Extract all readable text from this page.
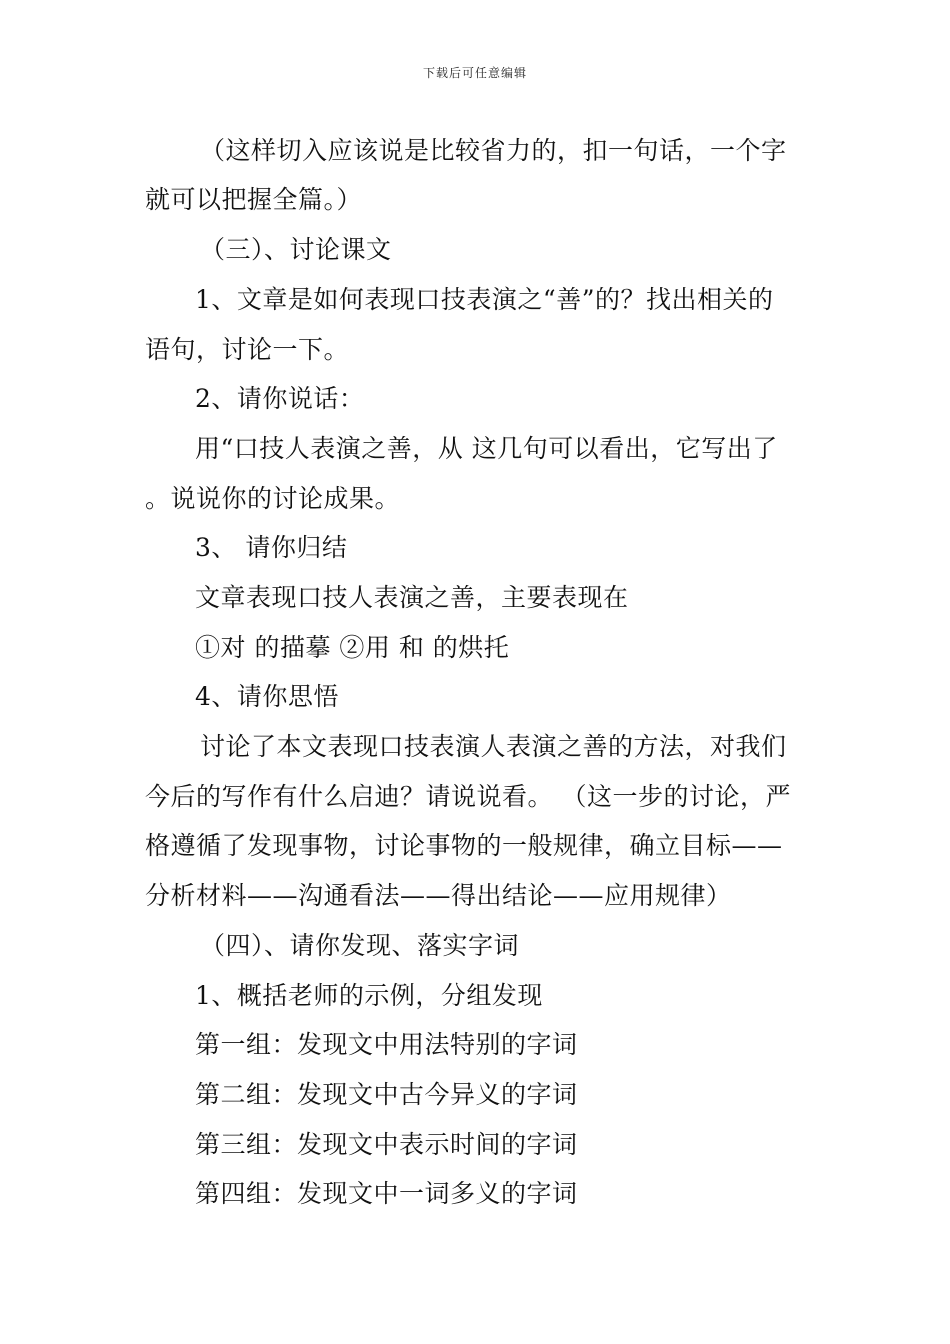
下载后可任意编辑
（这样切入应该说是比较省力的，扣一句话，一个字
就可以把握全篇。）
（三）、讨论课文
1、文章是如何表现口技表演之“善”的？找出相关的
语句，讨论一下。
2、请你说话：
用“口技人表演之善，从 这几句可以看出，它写出了
。说说你的讨论成果。
3、 请你归结
文章表现口技人表演之善，主要表现在
①对 的描摹 ②用 和 的烘托
4、请你思悟
讨论了本文表现口技表演人表演之善的方法，对我们
今后的写作有什么启迪？请说说看。 （这一步的讨论，严
格遵循了发现事物，讨论事物的一般规律，确立目标——
分析材料——沟通看法——得出结论——应用规律）
（四）、请你发现、落实字词
1、概括老师的示例，分组发现
第一组：发现文中用法特别的字词
第二组：发现文中古今异义的字词
第三组：发现文中表示时间的字词
第四组：发现文中一词多义的字词
